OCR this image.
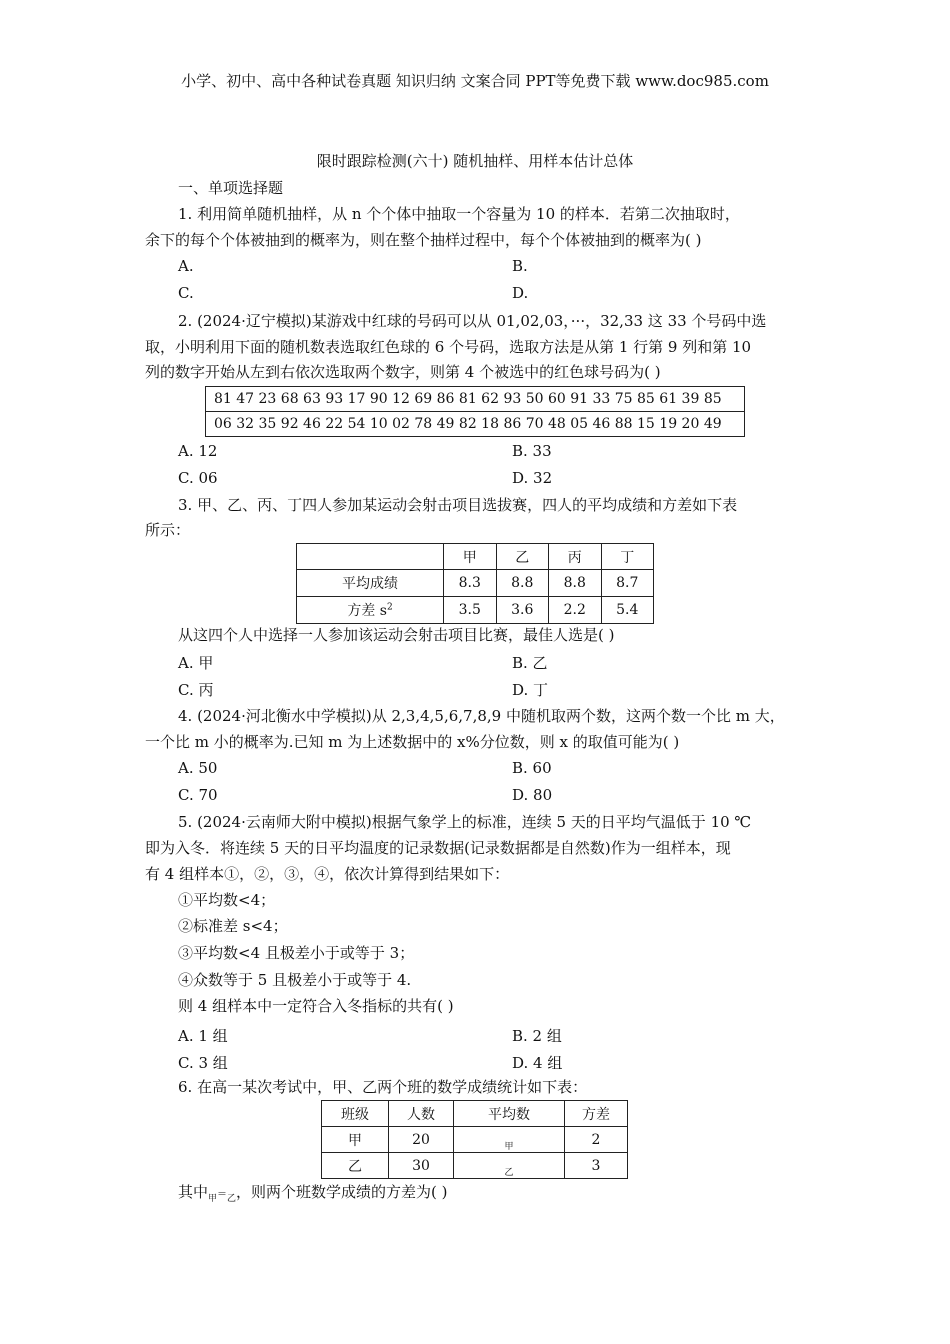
小学、初中、高中各种试卷真题 知识归纳 文案合同 PPT等免费下载 www.doc985.com
限时跟踪检测(六十) 随机抽样、用样本估计总体
一、单项选择题
1. 利用简单随机抽样，从 n 个个体中抽取一个容量为 10 的样本．若第二次抽取时，
余下的每个个体被抽到的概率为，则在整个抽样过程中，每个个体被抽到的概率为( )
A.	B.
C.	D.
2. (2024·辽宁模拟)某游戏中红球的号码可以从 01,02,03，···，32,33 这 33 个号码中选
取，小明利用下面的随机数表选取红色球的 6 个号码，选取方法是从第 1 行第 9 列和第 10
列的数字开始从左到右依次选取两个数字，则第 4 个被选中的红色球号码为( )
81 47 23 68 63 93 17 90 12 69 86 81 62 93 50 60 91 33 75 85 61 39 85
06 32 35 92 46 22 54 10 02 78 49 82 18 86 70 48 05 46 88 15 19 20 49
A. 12	B. 33
C. 06	D. 32
3. 甲、乙、丙、丁四人参加某运动会射击项目选拔赛，四人的平均成绩和方差如下表
所示：
	甲	乙	丙	丁
平均成绩	8.3	8.8	8.8	8.7
方差 $s^2$	3.5	3.6	2.2	5.4
从这四个人中选择一人参加该运动会射击项目比赛，最佳人选是( )
A. 甲	B. 乙
C. 丙	D. 丁
4. (2024·河北衡水中学模拟)从 2,3,4,5,6,7,8,9 中随机取两个数，这两个数一个比 m 大，
一个比 m 小的概率为.已知 m 为上述数据中的 x%分位数，则 x 的取值可能为( )
A. 50	B. 60
C. 70	D. 80
5. (2024·云南师大附中模拟)根据气象学上的标准，连续 5 天的日平均气温低于 10 ℃
即为入冬．将连续 5 天的日平均温度的记录数据(记录数据都是自然数)作为一组样本，现
有 4 组样本①，②，③，④，依次计算得到结果如下：
①平均数<4；
②标准差 s<4；
③平均数<4 且极差小于或等于 3；
④众数等于 5 且极差小于或等于 4.
则 4 组样本中一定符合入冬指标的共有( )
A. 1 组	B. 2 组
C. 3 组	D. 4 组
6. 在高一某次考试中，甲、乙两个班的数学成绩统计如下表：
班级	人数	平均数	方差
甲	20	甲	2
乙	30	乙	3
其中$_甲=_乙$，则两个班数学成绩的方差为( )
